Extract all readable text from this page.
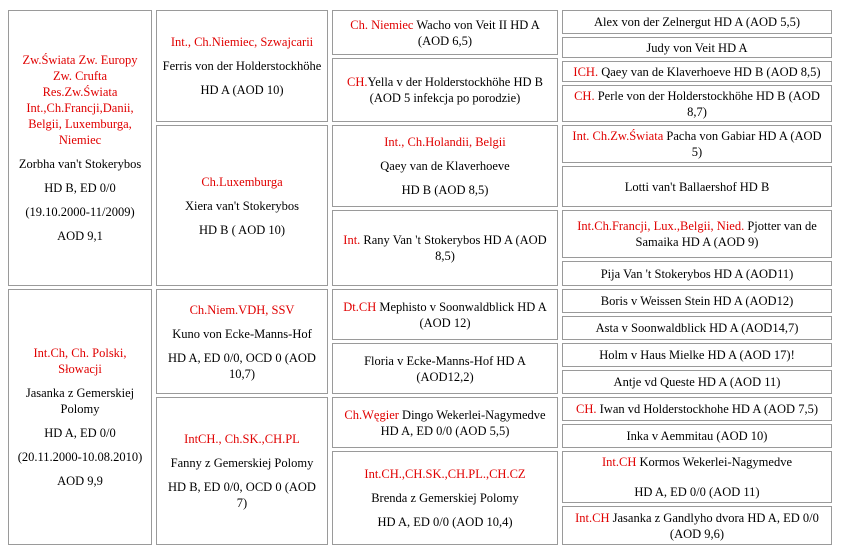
Zw.Świata Zw. Europy Zw. Crufta Res.Zw.Świata Int.,Ch.Francji,Danii, Belgii, Luxemburga, Niemiec

Zorbha van't Stokerybos

HD B, ED 0/0

(19.10.2000-11/2009)

AOD 9,1

Int., Ch.Niemiec, Szwajcarii

Ferris von der Holderstockhöhe

HD A (AOD 10)

Ch.Luxemburga

Xiera van't Stokerybos

HD B ( AOD 10)

Ch. Niemiec Wacho von Veit II HD A (AOD 6,5)

CH.Yella v der Holderstockhöhe HD B (AOD 5 infekcja po porodzie)

Int., Ch.Holandii, Belgii

Qaey van de Klaverhoeve

HD B (AOD 8,5)

Int. Rany Van 't Stokerybos HD A (AOD 8,5)

Alex von der Zelnergut HD A (AOD 5,5)

Judy von Veit HD A

ICH. Qaey van de Klaverhoeve HD B (AOD 8,5)

CH. Perle von der Holderstockhöhe HD B (AOD 8,7)

Int. Ch.Zw.Świata Pacha von Gabiar HD A (AOD 5)

Lotti van't Ballaershof HD B

Int.Ch.Francji, Lux.,Belgii, Nied. Pjotter van de Samaika HD A (AOD 9)

Pija Van 't Stokerybos HD A (AOD11)

Int.Ch, Ch. Polski, Słowacji

Jasanka z Gemerskiej Polomy

HD A, ED 0/0

(20.11.2000-10.08.2010)

AOD 9,9

Ch.Niem.VDH, SSV

Kuno von Ecke-Manns-Hof

HD A, ED 0/0, OCD 0 (AOD 10,7)

IntCH., Ch.SK.,CH.PL

Fanny z Gemerskiej Polomy

HD B, ED 0/0, OCD 0 (AOD 7)

Dt.CH Mephisto v Soonwaldblick HD A (AOD 12)

Floria v Ecke-Manns-Hof HD A (AOD12,2)

Ch.Węgier Dingo Wekerlei-Nagymedve HD A, ED 0/0 (AOD 5,5)

Int.CH.,CH.SK.,CH.PL.,CH.CZ

Brenda z Gemerskiej Polomy

HD A, ED 0/0 (AOD 10,4)

Boris v Weissen Stein HD A (AOD12)

Asta v Soonwaldblick HD A (AOD14,7)

Holm v Haus Mielke HD A (AOD 17)!

Antje vd Queste HD A (AOD 11)

CH. Iwan vd Holderstockhohe HD A (AOD 7,5)

Inka v Aemmitau (AOD 10)

Int.CH

Kormos Wekerlei-Nagymedve

HD A, ED 0/0 (AOD 11)

Int.CH Jasanka z Gandlyho dvora HD A, ED 0/0 (AOD 9,6)
